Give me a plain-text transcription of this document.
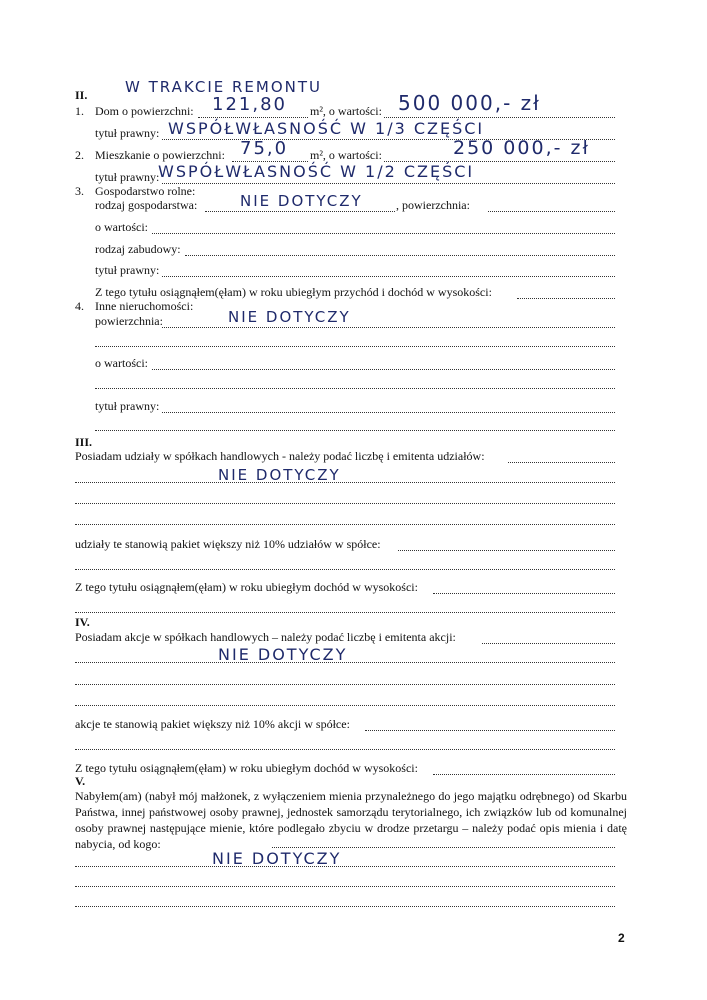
II.	W TRAKCIE REMONTU
1. Dom o powierzchni: 121,80 m², o wartości: 500 000,- zł
tytuł prawny: WSPÓŁWŁASNOŚĆ W 1/3 CZĘŚCI
2. Mieszkanie o powierzchni: 75,0 m², o wartości:	250 000,- zł
tytuł prawny:
WSPÓŁWŁASNOŚĆ W 1/2 CZĘŚCI
3. Gospodarstwo rolne:
rodzaj gospodarstwa:	NIE DOTYCZY	, powierzchnia:
o wartości:
rodzaj zabudowy:
tytuł prawny:
Z tego tytułu osiągnąłem(ęłam) w roku ubiegłym przychód i dochód w wysokości:
4. Inne nieruchomości:
powierzchnia:	NIE DOTYCZY
o wartości:
tytuł prawny:
III.
Posiadam udziały w spółkach handlowych - należy podać liczbę i emitenta udziałów:
NIE DOTYCZY
udziały te stanowią pakiet większy niż 10% udziałów w spółce:
Z tego tytułu osiągnąłem(ęłam) w roku ubiegłym dochód w wysokości:
IV.
Posiadam akcje w spółkach handlowych – należy podać liczbę i emitenta akcji:
NIE DOTYCZY
akcje te stanowią pakiet większy niż 10% akcji w spółce:
Z tego tytułu osiągnąłem(ęłam) w roku ubiegłym dochód w wysokości:
V.
Nabyłem(am) (nabył mój małżonek, z wyłączeniem mienia przynależnego do jego majątku odrębnego) od Skarbu Państwa, innej państwowej osoby prawnej, jednostek samorządu terytorialnego, ich związków lub od komunalnej osoby prawnej następujące mienie, które podlegało zbyciu w drodze przetargu – należy podać opis mienia i datę nabycia, od kogo:
NIE DOTYCZY
2
